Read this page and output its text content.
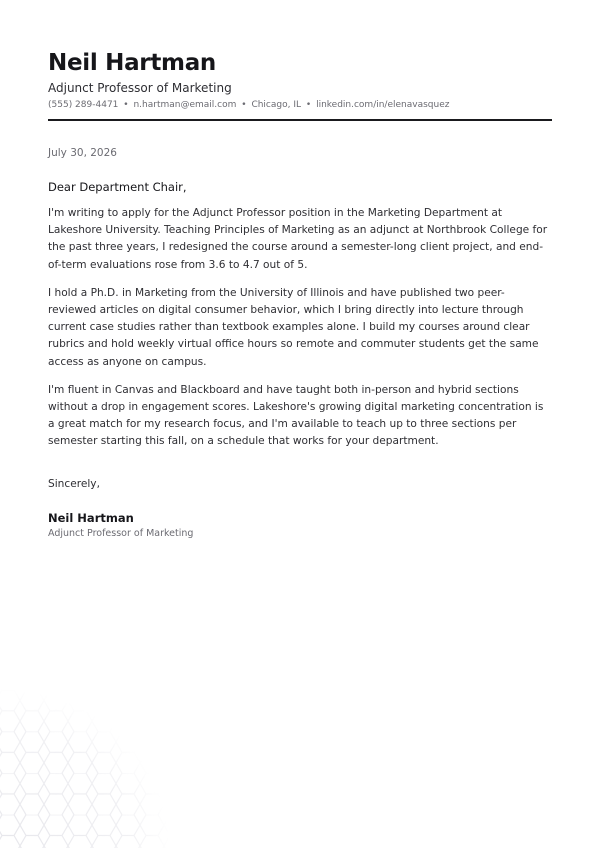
Neil Hartman
Adjunct Professor of Marketing
(555) 289-4471 • n.hartman@email.com • Chicago, IL • linkedin.com/in/elenavasquez
July 30, 2026
Dear Department Chair,

I'm writing to apply for the Adjunct Professor position in the Marketing Department at Lakeshore University. Teaching Principles of Marketing as an adjunct at Northbrook College for the past three years, I redesigned the course around a semester-long client project, and end-of-term evaluations rose from 3.6 to 4.7 out of 5.

I hold a Ph.D. in Marketing from the University of Illinois and have published two peer-reviewed articles on digital consumer behavior, which I bring directly into lecture through current case studies rather than textbook examples alone. I build my courses around clear rubrics and hold weekly virtual office hours so remote and commuter students get the same access as anyone on campus.

I'm fluent in Canvas and Blackboard and have taught both in-person and hybrid sections without a drop in engagement scores. Lakeshore's growing digital marketing concentration is a great match for my research focus, and I'm available to teach up to three sections per semester starting this fall, on a schedule that works for your department.

Sincerely,
Neil Hartman
Adjunct Professor of Marketing
